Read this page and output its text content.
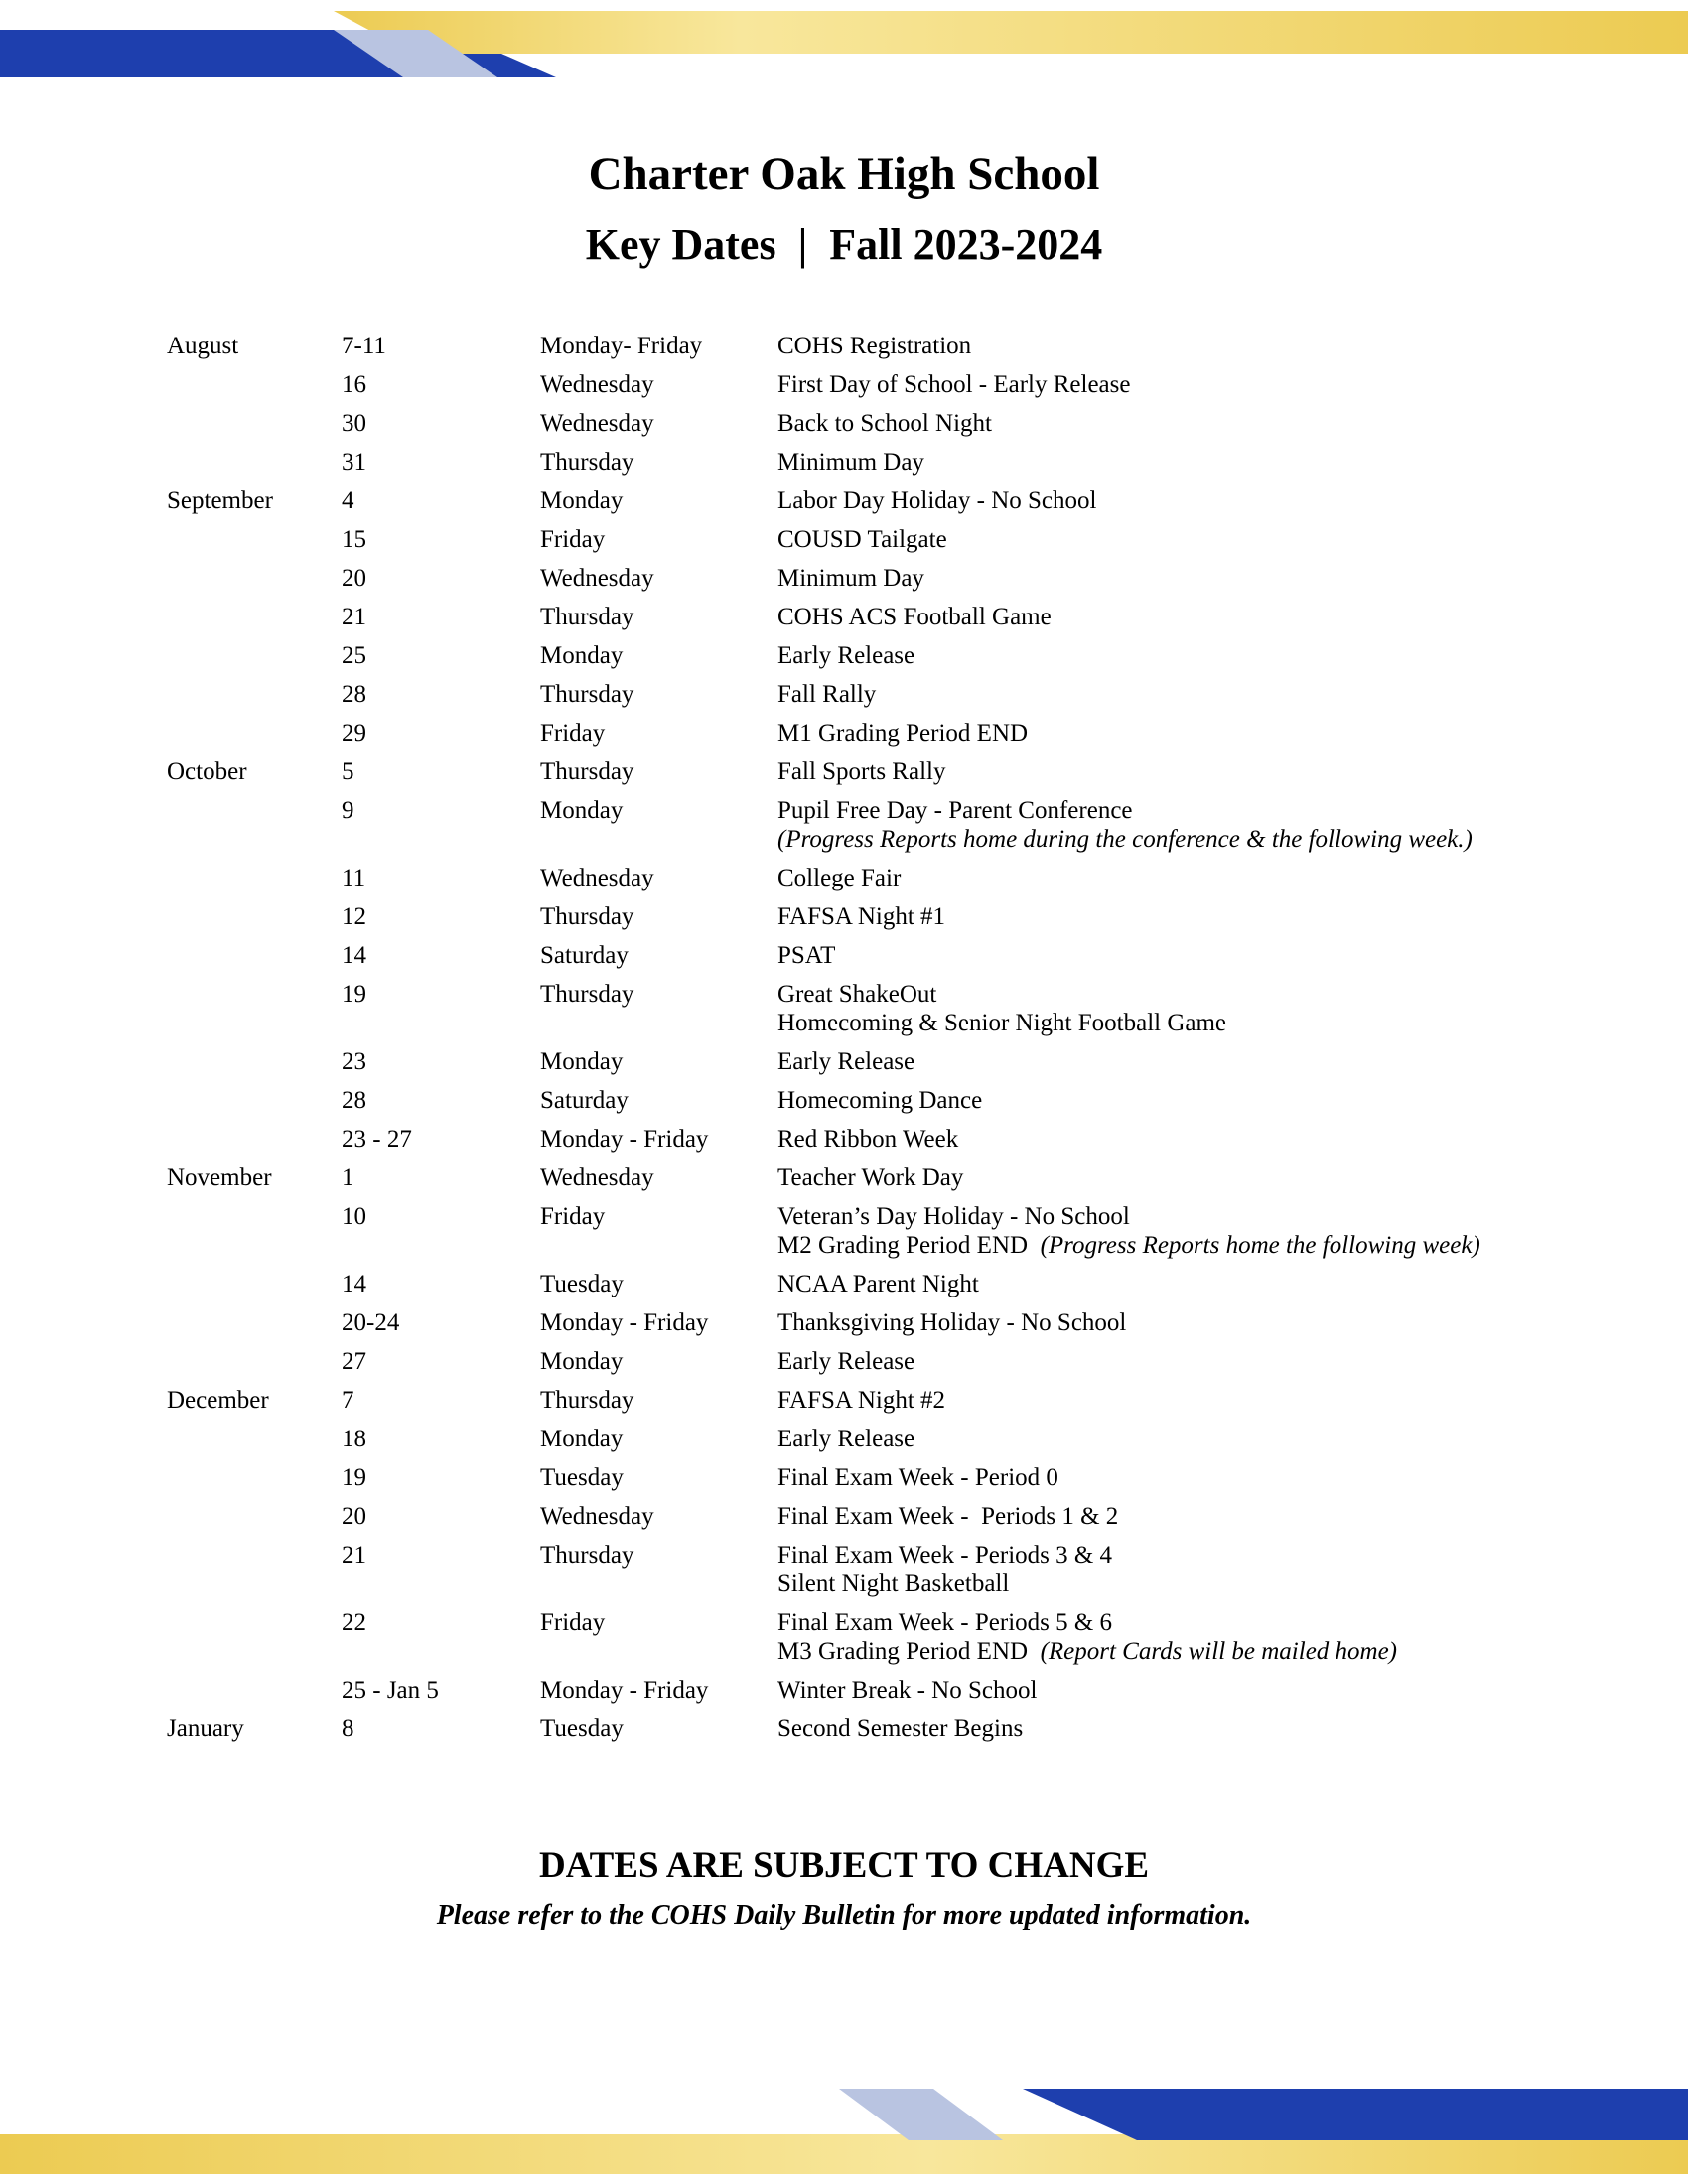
Charter Oak High School
Key Dates  |  Fall 2023-2024
August	7-11	Monday- Friday	COHS Registration
16	Wednesday	First Day of School - Early Release
30	Wednesday	Back to School Night
31	Thursday	Minimum Day
September	4	Monday	Labor Day Holiday - No School
15	Friday	COUSD Tailgate
20	Wednesday	Minimum Day
21	Thursday	COHS ACS Football Game
25	Monday	Early Release
28	Thursday	Fall Rally
29	Friday	M1 Grading Period END
October	5	Thursday	Fall Sports Rally
9	Monday	Pupil Free Day - Parent Conference
(Progress Reports home during the conference & the following week.)
11	Wednesday	College Fair
12	Thursday	FAFSA Night #1
14	Saturday	PSAT
19	Thursday	Great ShakeOut
Homecoming & Senior Night Football Game
23	Monday	Early Release
28	Saturday	Homecoming Dance
23 - 27	Monday - Friday	Red Ribbon Week
November	1	Wednesday	Teacher Work Day
10	Friday	Veteran’s Day Holiday - No School
M2 Grading Period END  (Progress Reports home the following week)
14	Tuesday	NCAA Parent Night
20-24	Monday - Friday	Thanksgiving Holiday - No School
27	Monday	Early Release
December	7	Thursday	FAFSA Night #2
18	Monday	Early Release
19	Tuesday	Final Exam Week - Period 0
20	Wednesday	Final Exam Week -  Periods 1 & 2
21	Thursday	Final Exam Week - Periods 3 & 4
Silent Night Basketball
22	Friday	Final Exam Week - Periods 5 & 6
M3 Grading Period END  (Report Cards will be mailed home)
25 - Jan 5	Monday - Friday	Winter Break - No School
January	8	Tuesday	Second Semester Begins
DATES ARE SUBJECT TO CHANGE
Please refer to the COHS Daily Bulletin for more updated information.
